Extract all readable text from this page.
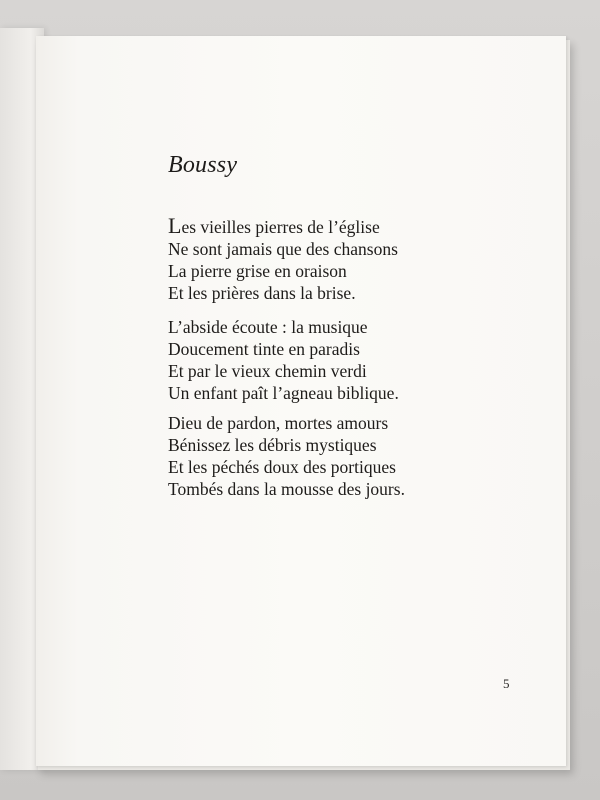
Boussy
Les vieilles pierres de l’église
Ne sont jamais que des chansons
La pierre grise en oraison
Et les prières dans la brise.
L’abside écoute : la musique
Doucement tinte en paradis
Et par le vieux chemin verdi
Un enfant paît l’agneau biblique.
Dieu de pardon, mortes amours
Bénissez les débris mystiques
Et les péchés doux des portiques
Tombés dans la mousse des jours.
5
